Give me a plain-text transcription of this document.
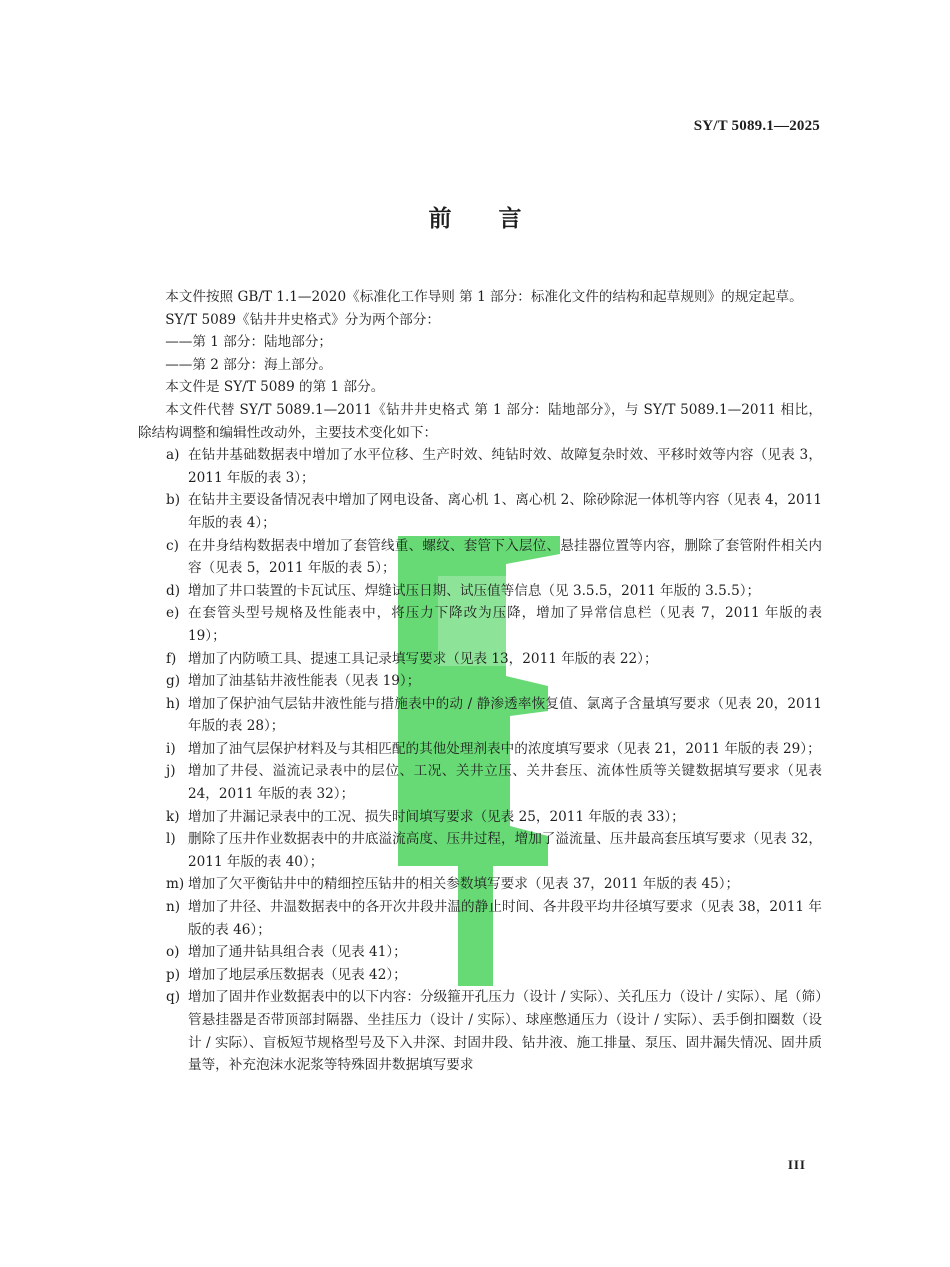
SY/T 5089.1—2025
前 言

本文件按照 GB/T 1.1—2020《标准化工作导则 第 1 部分：标准化文件的结构和起草规则》的规定起草。

SY/T 5089《钻井井史格式》分为两个部分：

——第 1 部分：陆地部分；

——第 2 部分：海上部分。

本文件是 SY/T 5089 的第 1 部分。

本文件代替 SY/T 5089.1—2011《钻井井史格式 第 1 部分：陆地部分》，与 SY/T 5089.1—2011 相比，除结构调整和编辑性改动外，主要技术变化如下：

a) 在钻井基础数据表中增加了水平位移、生产时效、纯钻时效、故障复杂时效、平移时效等内容（见表 3，2011 年版的表 3）；
b) 在钻井主要设备情况表中增加了网电设备、离心机 1、离心机 2、除砂除泥一体机等内容（见表 4，2011 年版的表 4）；
c) 在井身结构数据表中增加了套管线重、螺纹、套管下入层位、悬挂器位置等内容，删除了套管附件相关内容（见表 5，2011 年版的表 5）；
d) 增加了井口装置的卡瓦试压、焊缝试压日期、试压值等信息（见 3.5.5，2011 年版的 3.5.5）；
e) 在套管头型号规格及性能表中，将压力下降改为压降，增加了异常信息栏（见表 7，2011 年版的表 19）；
f) 增加了内防喷工具、提速工具记录填写要求（见表 13，2011 年版的表 22）；
g) 增加了油基钻井液性能表（见表 19）；
h) 增加了保护油气层钻井液性能与措施表中的动 / 静渗透率恢复值、氯离子含量填写要求（见表 20，2011 年版的表 28）；
i) 增加了油气层保护材料及与其相匹配的其他处理剂表中的浓度填写要求（见表 21，2011 年版的表 29）；
j) 增加了井侵、溢流记录表中的层位、工况、关井立压、关井套压、流体性质等关键数据填写要求（见表 24，2011 年版的表 32）；
k) 增加了井漏记录表中的工况、损失时间填写要求（见表 25，2011 年版的表 33）；
l) 删除了压井作业数据表中的井底溢流高度、压井过程，增加了溢流量、压井最高套压填写要求（见表 32，2011 年版的表 40）；
m) 增加了欠平衡钻井中的精细控压钻井的相关参数填写要求（见表 37，2011 年版的表 45）；
n) 增加了井径、井温数据表中的各开次井段井温的静止时间、各井段平均井径填写要求（见表 38，2011 年版的表 46）；
o) 增加了通井钻具组合表（见表 41）；
p) 增加了地层承压数据表（见表 42）；
q) 增加了固井作业数据表中的以下内容：分级箍开孔压力（设计 / 实际）、关孔压力（设计 / 实际）、尾（筛）管悬挂器是否带顶部封隔器、坐挂压力（设计 / 实际）、球座憋通压力（设计 / 实际）、丢手倒扣圈数（设计 / 实际）、盲板短节规格型号及下入井深、封固井段、钻井液、施工排量、泵压、固井漏失情况、固井质量等，补充泡沫水泥浆等特殊固井数据填写要求
III
